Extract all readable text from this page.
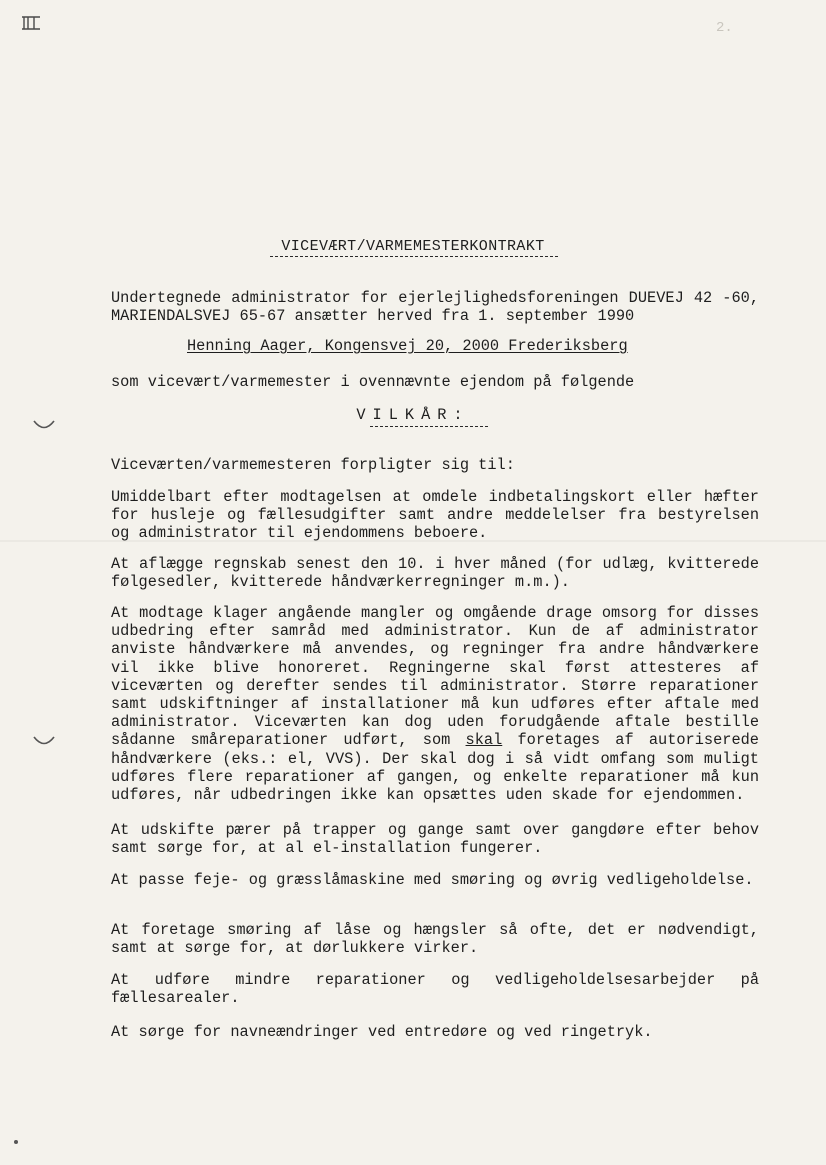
2.
VICEVÆRT/VARMEMESTERKONTRAKT

Undertegnede administrator for ejerlejlighedsforeningen DUEVEJ 42 -60, MARIENDALSVEJ 65-67 ansætter herved fra 1. september 1990

Henning Aager, Kongensvej 20, 2000 Frederiksberg

som vicevært/varmemester i ovennævnte ejendom på følgende

VILKÅR:

Viceværten/varmemesteren forpligter sig til:

Umiddelbart efter modtagelsen at omdele indbetalingskort eller hæfter for husleje og fællesudgifter samt andre meddelelser fra bestyrelsen og administrator til ejendommens beboere.

At aflægge regnskab senest den 10. i hver måned (for udlæg, kvitterede følgesedler, kvitterede håndværkerregninger m.m.).

At modtage klager angående mangler og omgående drage omsorg for disses udbedring efter samråd med administrator. Kun de af administrator anviste håndværkere må anvendes, og regninger fra andre håndværkere vil ikke blive honoreret. Regningerne skal først attesteres af viceværten og derefter sendes til administrator. Større reparationer samt udskiftninger af installationer må kun udføres efter aftale med administrator. Viceværten kan dog uden forudgående aftale bestille sådanne småreparationer udført, som skal foretages af autoriserede håndværkere (eks.: el, VVS). Der skal dog i så vidt omfang som muligt udføres flere reparationer af gangen, og enkelte reparationer må kun udføres, når udbedringen ikke kan opsættes uden skade for ejendommen.

At udskifte pærer på trapper og gange samt over gangdøre efter behov samt sørge for, at al el-installation fungerer.

At passe feje- og græsslåmaskine med smøring og øvrig vedligeholdelse.

At foretage smøring af låse og hængsler så ofte, det er nødvendigt, samt at sørge for, at dørlukkere virker.

At udføre mindre reparationer og vedligeholdelsesarbejder på fællesarealer.

At sørge for navneændringer ved entredøre og ved ringetryk.
